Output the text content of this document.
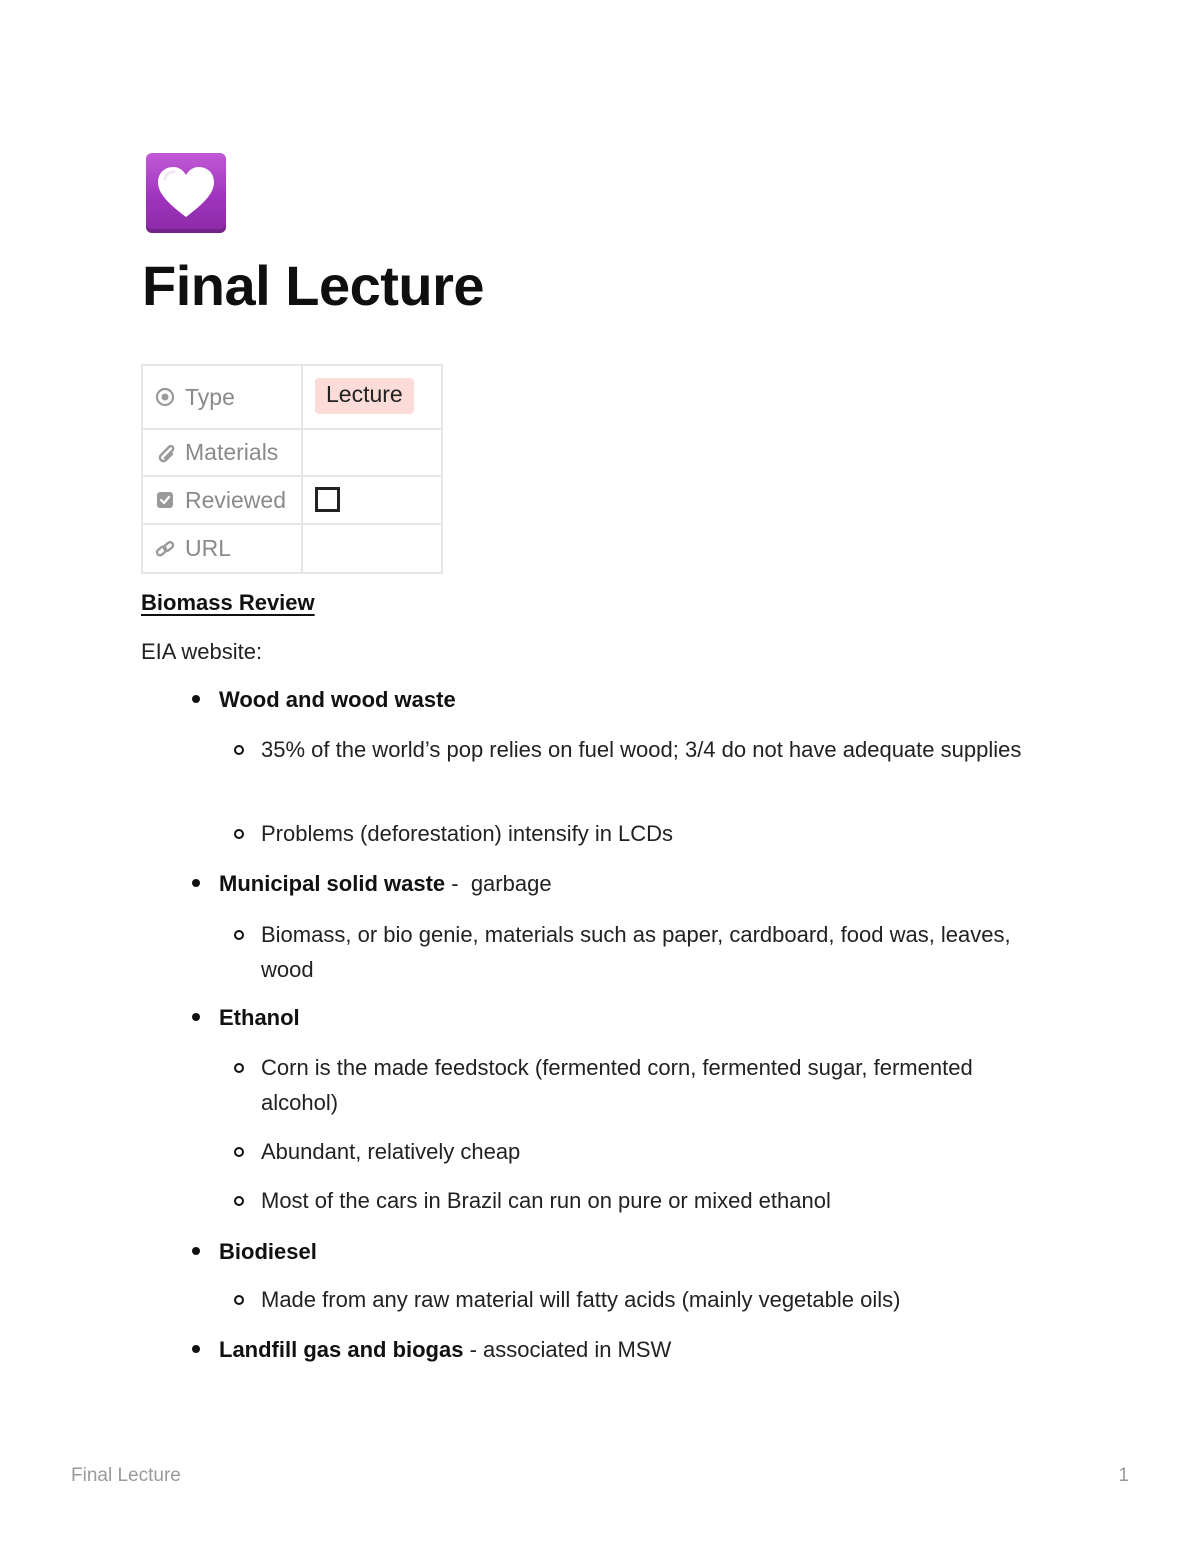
Final Lecture
Type	Lecture

Materials	

Reviewed	

URL	

Biomass Review
EIA website:
Wood and wood waste
35% of the world’s pop relies on fuel wood; 3/4 do not have adequate supplies
Problems (deforestation) intensify in LCDs
Municipal solid waste -  garbage
Biomass, or bio genie, materials such as paper, cardboard, food was, leaves, wood
Ethanol
Corn is the made feedstock (fermented corn, fermented sugar, fermented alcohol)
Abundant, relatively cheap
Most of the cars in Brazil can run on pure or mixed ethanol
Biodiesel
Made from any raw material will fatty acids (mainly vegetable oils)
Landfill gas and biogas - associated in MSW
Final Lecture	1
